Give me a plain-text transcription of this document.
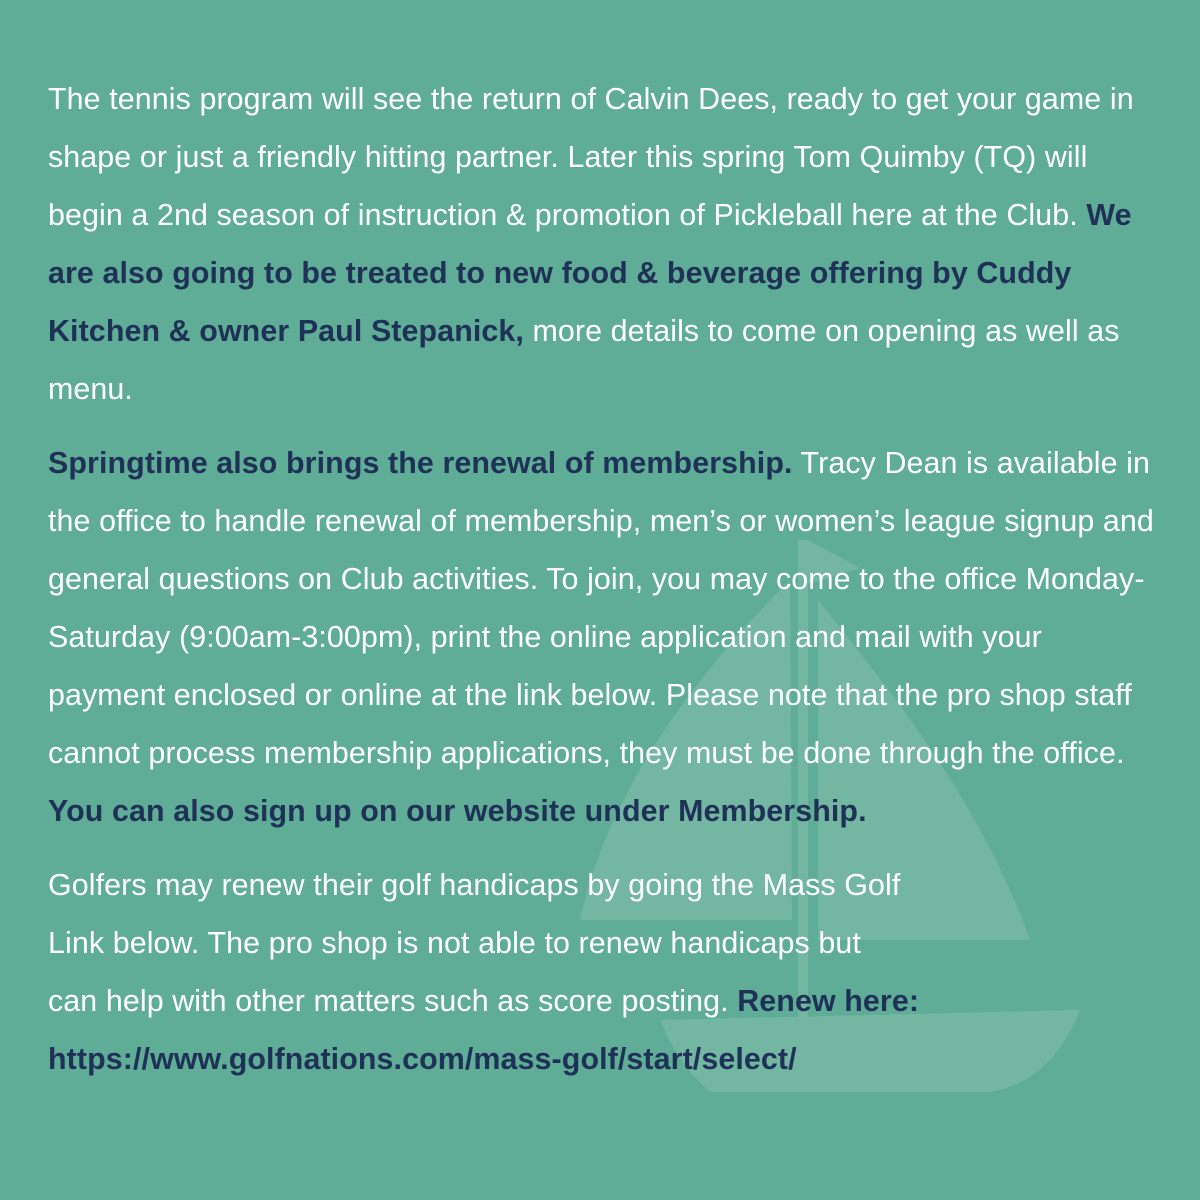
The tennis program will see the return of Calvin Dees, ready to get your game in shape or just a friendly hitting partner. Later this spring Tom Quimby (TQ) will begin a 2nd season of instruction & promotion of Pickleball here at the Club. We are also going to be treated to new food & beverage offering by Cuddy Kitchen & owner Paul Stepanick, more details to come on opening as well as menu.

Springtime also brings the renewal of membership. Tracy Dean is available in the office to handle renewal of membership, men’s or women’s league signup and general questions on Club activities. To join, you may come to the office Monday-Saturday (9:00am-3:00pm), print the online application and mail with your payment enclosed or online at the link below. Please note that the pro shop staff cannot process membership applications, they must be done through the office. You can also sign up on our website under Membership.

Golfers may renew their golf handicaps by going the Mass Golf
Link below. The pro shop is not able to renew handicaps but
can help with other matters such as score posting. Renew here:
https://www.golfnations.com/mass-golf/start/select/
